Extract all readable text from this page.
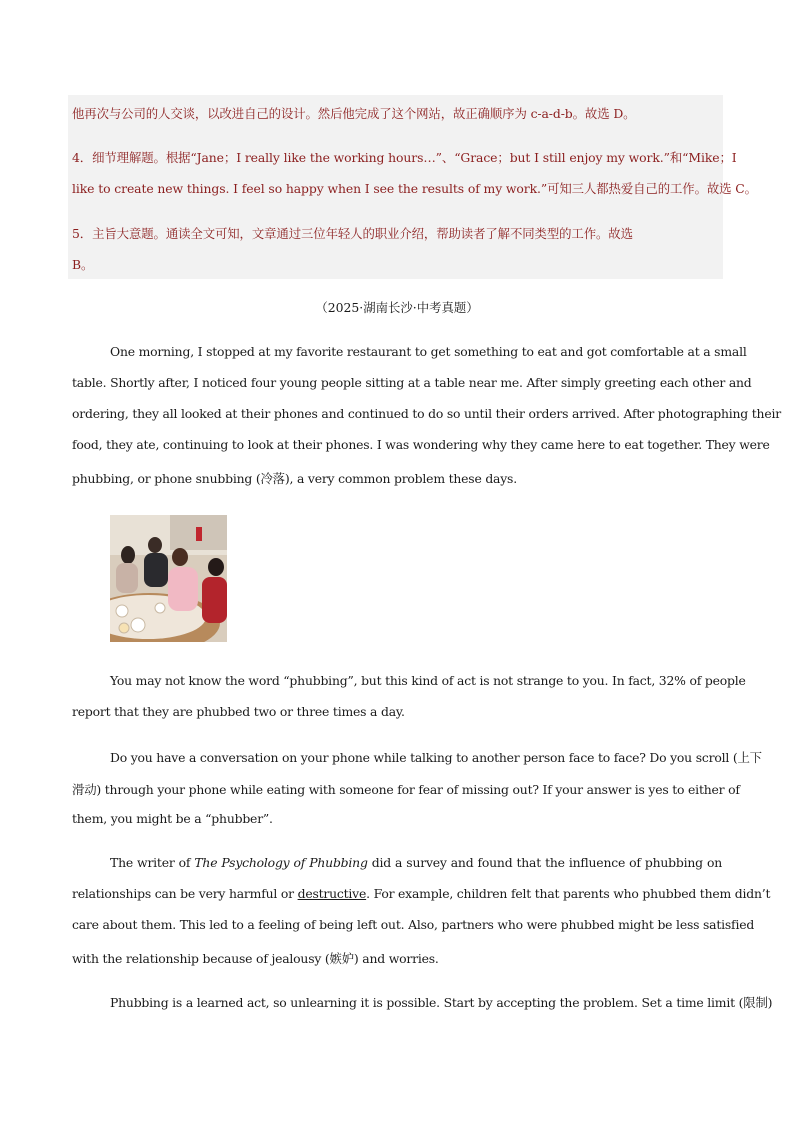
他再次与公司的人交谈，以改进自己的设计。然后他完成了这个网站，故正确顺序为 c-a-d-b。故选 D。
4．细节理解题。根据“Jane；I really like the working hours…”、“Grace；but I still enjoy my work.”和“Mike；I
like to create new things. I feel so happy when I see the results of my work.”可知三人都热爱自己的工作。故选 C。
5．主旨大意题。通读全文可知，文章通过三位年轻人的职业介绍，帮助读者了解不同类型的工作。故选
B。
（2025·湖南长沙·中考真题）
One morning, I stopped at my favorite restaurant to get something to eat and got comfortable at a small
table. Shortly after, I noticed four young people sitting at a table near me. After simply greeting each other and
ordering, they all looked at their phones and continued to do so until their orders arrived. After photographing their
food, they ate, continuing to look at their phones. I was wondering why they came here to eat together. They were
phubbing, or phone snubbing (冷落), a very common problem these days.
You may not know the word “phubbing”, but this kind of act is not strange to you. In fact, 32% of people
report that they are phubbed two or three times a day.
Do you have a conversation on your phone while talking to another person face to face? Do you scroll (上下
滑动) through your phone while eating with someone for fear of missing out? If your answer is yes to either of
them, you might be a “phubber”.
The writer of The Psychology of Phubbing did a survey and found that the influence of phubbing on
relationships can be very harmful or destructive. For example, children felt that parents who phubbed them didn’t
care about them. This led to a feeling of being left out. Also, partners who were phubbed might be less satisfied
with the relationship because of jealousy (嫉妒) and worries.
Phubbing is a learned act, so unlearning it is possible. Start by accepting the problem. Set a time limit (限制)
